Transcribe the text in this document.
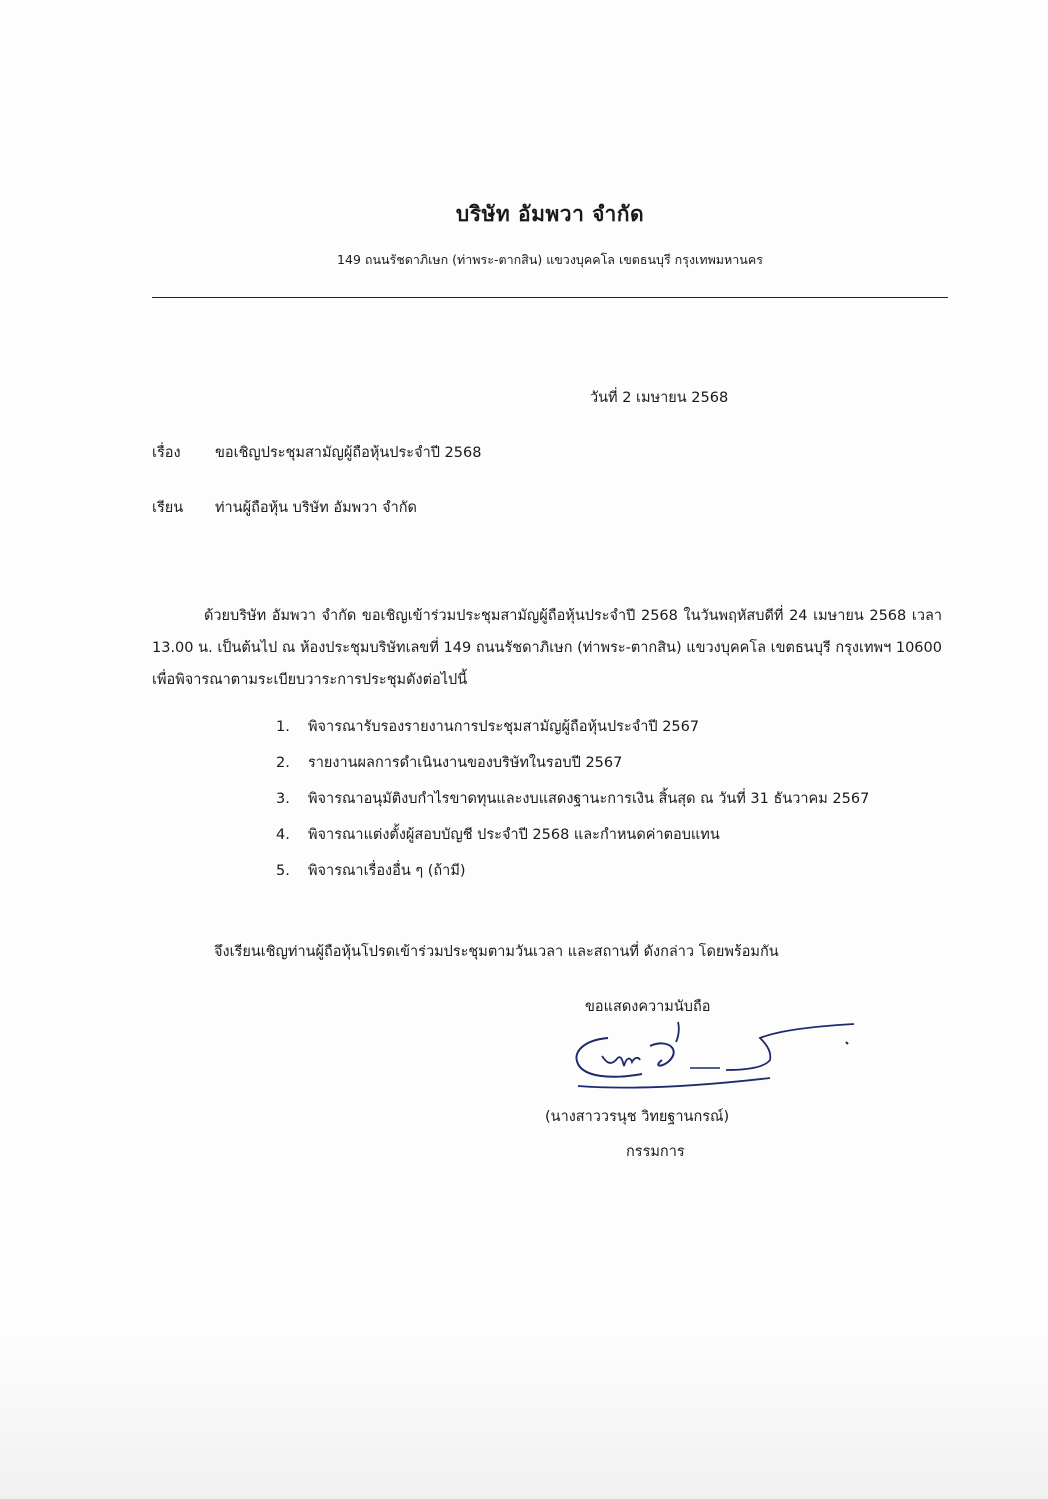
บริษัท อัมพวา จำกัด
149 ถนนรัชดาภิเษก (ท่าพระ-ตากสิน) แขวงบุคคโล เขตธนบุรี กรุงเทพมหานคร
วันที่ 2 เมษายน 2568
เรื่อง ขอเชิญประชุมสามัญผู้ถือหุ้นประจำปี 2568
เรียน ท่านผู้ถือหุ้น บริษัท อัมพวา จำกัด
ด้วยบริษัท อัมพวา จำกัด ขอเชิญเข้าร่วมประชุมสามัญผู้ถือหุ้นประจำปี 2568 ในวันพฤหัสบดีที่ 24 เมษายน 2568 เวลา 13.00 น. เป็นต้นไป ณ ห้องประชุมบริษัทเลขที่ 149 ถนนรัชดาภิเษก (ท่าพระ-ตากสิน) แขวงบุคคโล เขตธนบุรี กรุงเทพฯ 10600 เพื่อพิจารณาตามระเบียบวาระการประชุมดังต่อไปนี้
1. พิจารณารับรองรายงานการประชุมสามัญผู้ถือหุ้นประจำปี 2567
2. รายงานผลการดำเนินงานของบริษัทในรอบปี 2567
3. พิจารณาอนุมัติงบกำไรขาดทุนและงบแสดงฐานะการเงิน สิ้นสุด ณ วันที่ 31 ธันวาคม 2567
4. พิจารณาแต่งตั้งผู้สอบบัญชี ประจำปี 2568 และกำหนดค่าตอบแทน
5. พิจารณาเรื่องอื่น ๆ (ถ้ามี)
จึงเรียนเชิญท่านผู้ถือหุ้นโปรดเข้าร่วมประชุมตามวันเวลา และสถานที่ ดังกล่าว โดยพร้อมกัน
ขอแสดงความนับถือ
(นางสาววรนุช วิทยฐานกรณ์)
กรรมการ
